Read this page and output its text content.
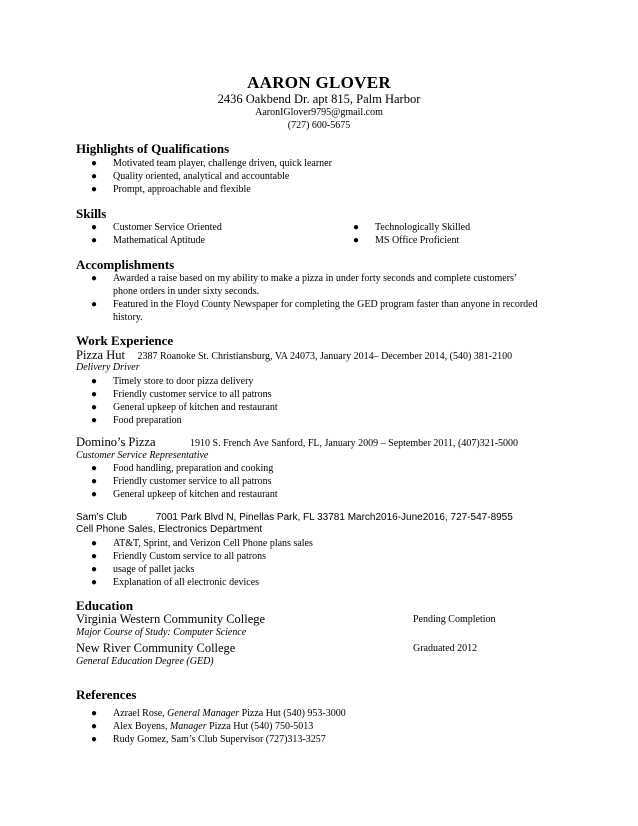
AARON GLOVER
2436 Oakbend Dr. apt 815, Palm Harbor
AaronIGlover9795@gmail.com
(727) 600-5675
Highlights of Qualifications
● Motivated team player, challenge driven, quick learner
● Quality oriented, analytical and accountable
● Prompt, approachable and flexible
Skills
● Customer Service Oriented
● Mathematical Aptitude
● Technologically Skilled
● MS Office Proficient
Accomplishments
● Awarded a raise based on my ability to make a pizza in under forty seconds and complete customers’
phone orders in under sixty seconds.
● Featured in the Floyd County Newspaper for completing the GED program faster than anyone in recorded
history.
Work Experience
Pizza Hut 2387 Roanoke St. Christiansburg, VA 24073, January 2014– December 2014, (540) 381-2100
Delivery Driver
● Timely store to door pizza delivery
● Friendly customer service to all patrons
● General upkeep of kitchen and restaurant
● Food preparation
Domino’s Pizza	1910 S. French Ave Sanford, FL, January 2009 – September 2011, (407)321-5000
Customer Service Representative
● Food handling, preparation and cooking
● Friendly customer service to all patrons
● General upkeep of kitchen and restaurant
Sam’s Club	7001 Park Blvd N, Pinellas Park, FL 33781 March2016-June2016, 727-547-8955
Cell Phone Sales, Electronics Department
● AT&T, Sprint, and Verizon Cell Phone plans sales
● Friendly Custom service to all patrons
● usage of pallet jacks
● Explanation of all electronic devices
Education
Virginia Western Community College	Pending Completion
Major Course of Study: Computer Science
New River Community College	Graduated 2012
General Education Degree (GED)
References
● Azrael Rose, General Manager Pizza Hut (540) 953-3000
● Alex Boyens, Manager Pizza Hut (540) 750-5013
● Rudy Gomez, Sam’s Club Supervisor (727)313-3257
